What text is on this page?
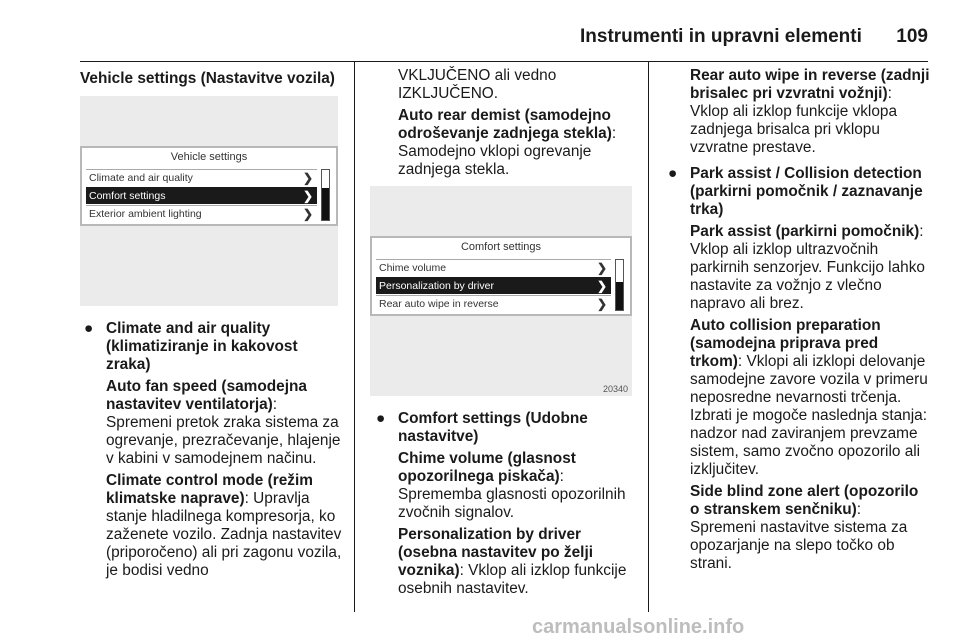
Instrumenti in upravni elementi 109
Vehicle settings (Nastavitve vozila)
Vehicle settings
Climate and air quality	❯
Comfort settings	❯
Exterior ambient lighting	❯
● Climate and air quality (klimatiziranje in kakovost zraka)

Auto fan speed (samodejna nastavitev ventilatorja):
Spremeni pretok zraka sistema za ogrevanje, prezračevanje, hlajenje v kabini v samodejnem načinu.

Climate control mode (režim klimatske naprave): Upravlja stanje hladilnega kompresorja, ko zaženete vozilo. Zadnja nastavitev (priporočeno) ali pri zagonu vozila, je bodisi vedno

VKLJUČENO ali vedno IZKLJUČENO.

Auto rear demist (samodejno odroševanje zadnjega stekla):
Samodejno vklopi ogrevanje zadnjega stekla.

Comfort settings
Chime volume	❯
Personalization by driver	❯
Rear auto wipe in reverse	❯
20340
● Comfort settings (Udobne nastavitve)

Chime volume (glasnost opozorilnega piskača):
Sprememba glasnosti opozorilnih zvočnih signalov.

Personalization by driver (osebna nastavitev po želji voznika): Vklop ali izklop funkcije osebnih nastavitev.

Rear auto wipe in reverse (zadnji brisalec pri vzvratni vožnji): Vklop ali izklop funkcije vklopa zadnjega brisalca pri vklopu vzvratne prestave.

● Park assist / Collision detection (parkirni pomočnik / zaznavanje trka)

Park assist (parkirni pomočnik):
Vklop ali izklop ultrazvočnih parkirnih senzorjev. Funkcijo lahko nastavite za vožnjo z vlečno napravo ali brez.

Auto collision preparation (samodejna priprava pred trkom): Vklopi ali izklopi delovanje samodejne zavore vozila v primeru neposredne nevarnosti trčenja. Izbrati je mogoče naslednja stanja: nadzor nad zaviranjem prevzame sistem, samo zvočno opozorilo ali izključitev.

Side blind zone alert (opozorilo o stranskem senčniku): Spremeni nastavitve sistema za opozarjanje na slepo točko ob strani.

carmanualsonline.info
